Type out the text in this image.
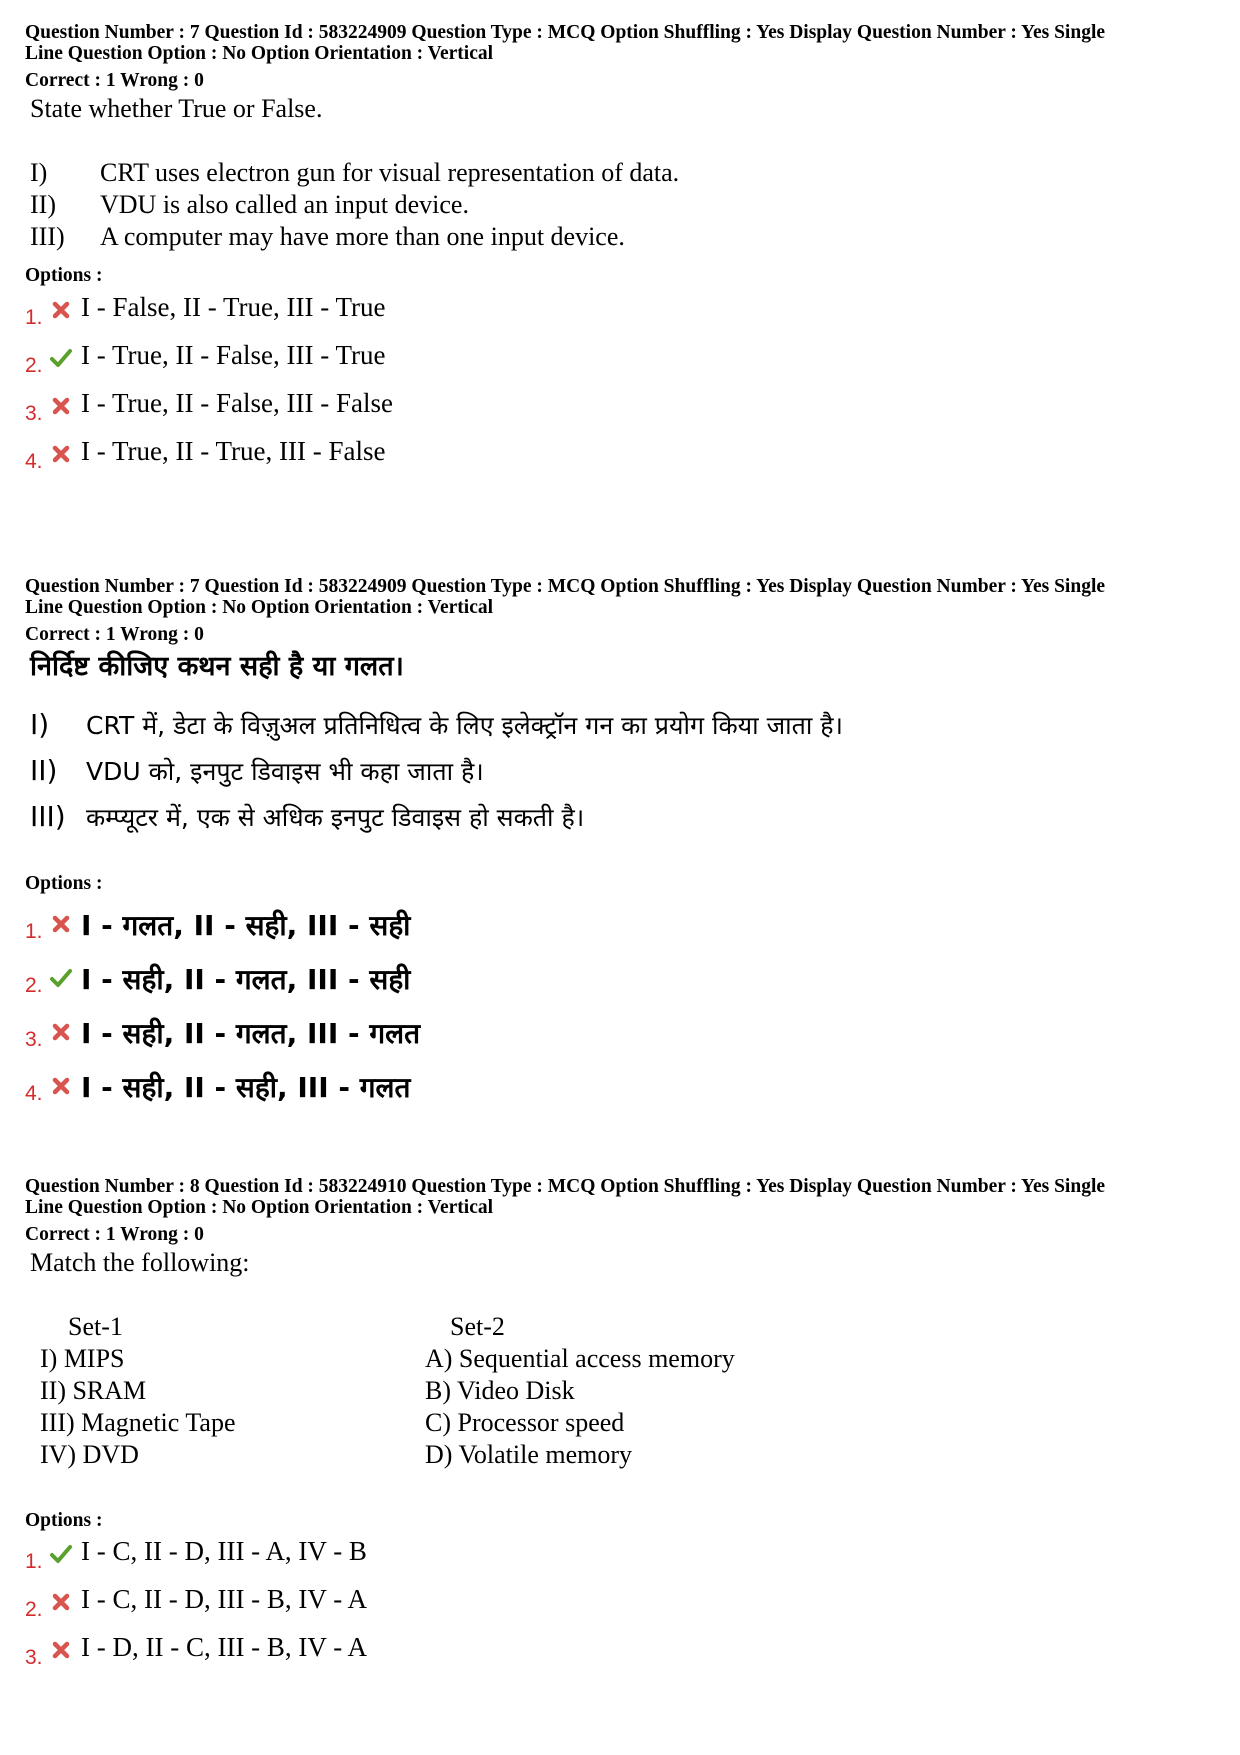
Question Number : 7 Question Id : 583224909 Question Type : MCQ Option Shuffling : Yes Display Question Number : Yes Single
Line Question Option : No Option Orientation : Vertical
Correct : 1 Wrong : 0
State whether True or False.
I) CRT uses electron gun for visual representation of data.
II) VDU is also called an input device.
III) A computer may have more than one input device.
Options :
1. I - False, II - True, III - True
2. I - True, II - False, III - True
3. I - True, II - False, III - False
4. I - True, II - True, III - False
Question Number : 7 Question Id : 583224909 Question Type : MCQ Option Shuffling : Yes Display Question Number : Yes Single
Line Question Option : No Option Orientation : Vertical
Correct : 1 Wrong : 0
निर्दिष्ट कीजिए कथन सही है या गलत।
I) CRT में, डेटा के विज़ुअल प्रतिनिधित्व के लिए इलेक्ट्रॉन गन का प्रयोग किया जाता है।
II) VDU को, इनपुट डिवाइस भी कहा जाता है।
III) कम्प्यूटर में, एक से अधिक इनपुट डिवाइस हो सकती है।
Options :
1. I - गलत, II - सही, III - सही
2. I - सही, II - गलत, III - सही
3. I - सही, II - गलत, III - गलत
4. I - सही, II - सही, III - गलत
Question Number : 8 Question Id : 583224910 Question Type : MCQ Option Shuffling : Yes Display Question Number : Yes Single
Line Question Option : No Option Orientation : Vertical
Correct : 1 Wrong : 0
Match the following:
Set-1	Set-2
I) MIPS
II) SRAM
III) Magnetic Tape
IV) DVD
A) Sequential access memory
B) Video Disk
C) Processor speed
D) Volatile memory
Options :
1. I - C, II - D, III - A, IV - B
2. I - C, II - D, III - B, IV - A
3. I - D, II - C, III - B, IV - A
